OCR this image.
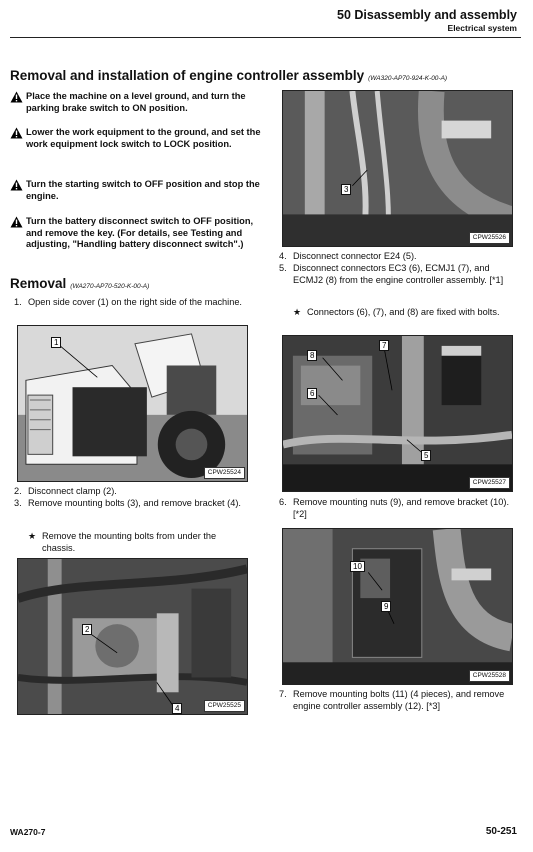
50 Disassembly and assembly
Electrical system
Removal and installation of engine controller assembly (WA320-AP70-924-K-00-A)
Place the machine on a level ground, and turn the parking brake switch to ON position.
Lower the work equipment to the ground, and set the work equipment lock switch to LOCK position.
Turn the starting switch to OFF position and stop the engine.
Turn the battery disconnect switch to OFF position, and remove the key. (For details, see Testing and adjusting, "Handling battery disconnect switch".)
Removal (WA270-AP70-520-K-00-A)
1. Open side cover (1) on the right side of the machine.
1
CPW25524
2. Disconnect clamp (2).
3. Remove mounting bolts (3), and remove bracket (4).
★ Remove the mounting bolts from under the chassis.
2
4	CPW25525
3
CPW25526
4. Disconnect connector E24 (5).
5. Disconnect connectors EC3 (6), ECMJ1 (7), and ECMJ2 (8) from the engine controller assembly. [*1]
★ Connectors (6), (7), and (8) are fixed with bolts.
8
7
6
5
CPW25527
6. Remove mounting nuts (9), and remove bracket (10). [*2]
10
9
CPW25528
7. Remove mounting bolts (11) (4 pieces), and remove engine controller assembly (12). [*3]
WA270-7	50-251
